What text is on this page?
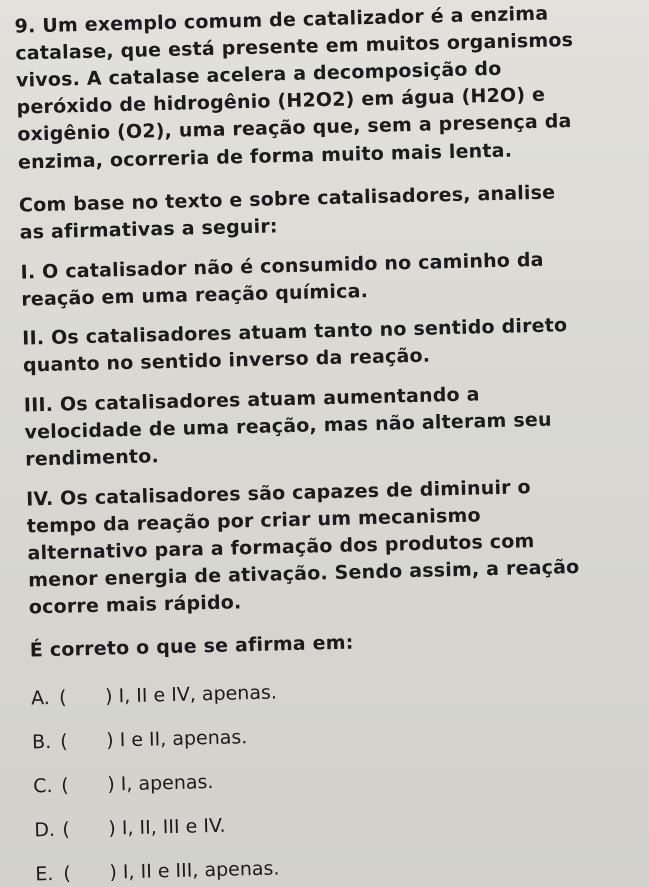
9. Um exemplo comum de catalizador é a enzima
catalase, que está presente em muitos organismos
vivos. A catalase acelera a decomposição do
peróxido de hidrogênio (H2O2) em água (H2O) e
oxigênio (O2), uma reação que, sem a presença da
enzima, ocorreria de forma muito mais lenta.
Com base no texto e sobre catalisadores, analise
as afirmativas a seguir:
I. O catalisador não é consumido no caminho da
reação em uma reação química.
II. Os catalisadores atuam tanto no sentido direto
quanto no sentido inverso da reação.
III. Os catalisadores atuam aumentando a
velocidade de uma reação, mas não alteram seu
rendimento.
IV. Os catalisadores são capazes de diminuir o
tempo da reação por criar um mecanismo
alternativo para a formação dos produtos com
menor energia de ativação. Sendo assim, a reação
ocorre mais rápido.
É correto o que se afirma em:
A. ( ) I, II e IV, apenas.
B. ( ) I e II, apenas.
C. ( ) I, apenas.
D. ( ) I, II, III e IV.
E. ( ) I, II e III, apenas.
